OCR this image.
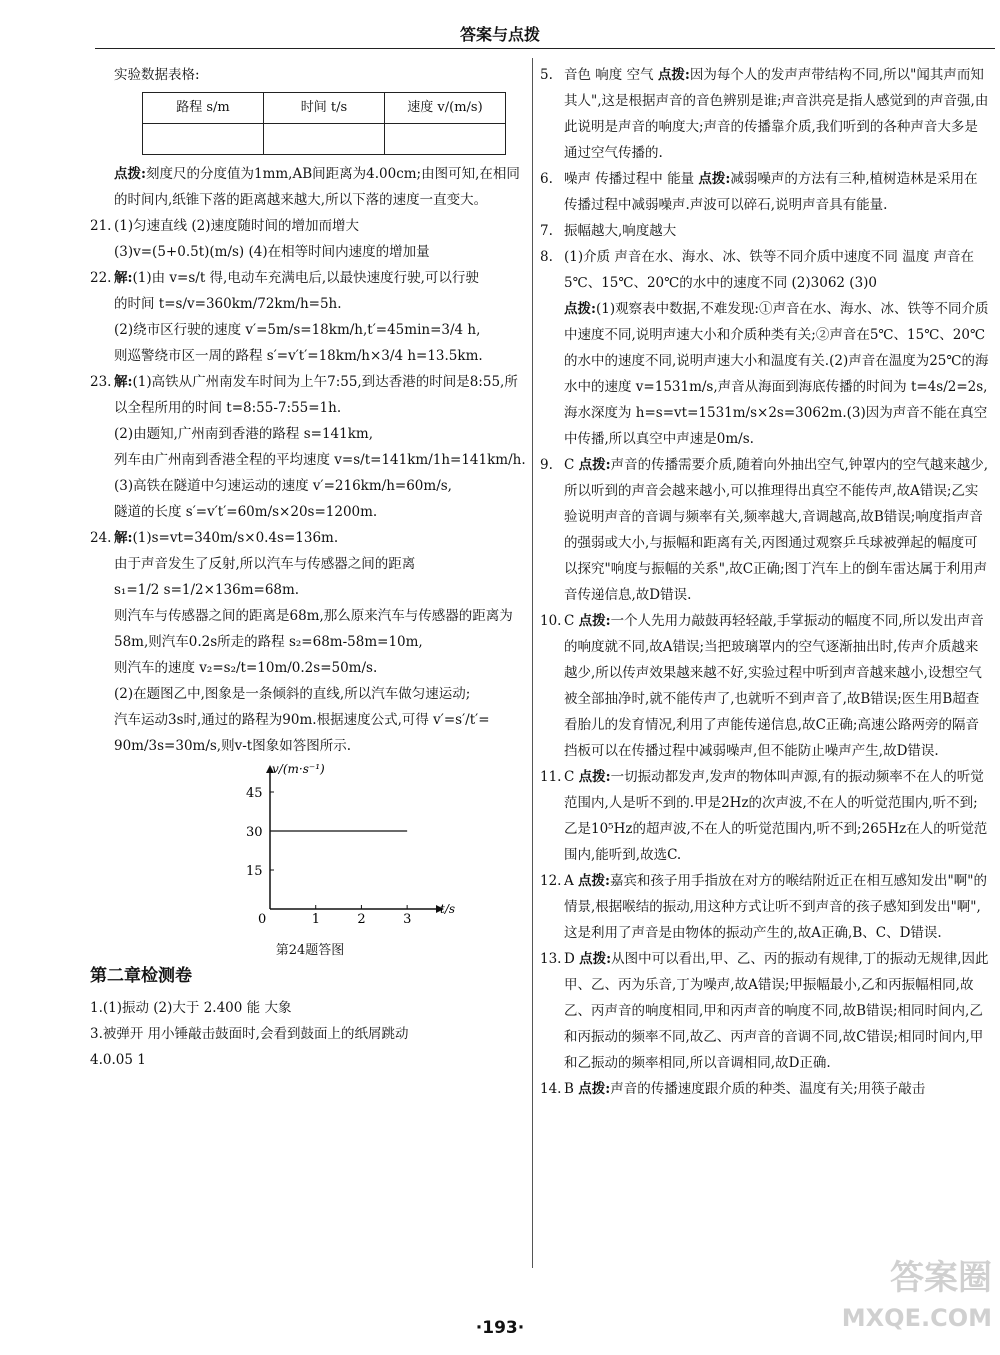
答案与点拨

实验数据表格:

路程 s/m	时间 t/s	速度 v/(m/s)

点拨:刻度尺的分度值为1mm,AB间距离为4.00cm;由图可知,在相同的时间内,纸锥下落的距离越来越大,所以下落的速度一直变大。

21. (1)匀速直线 (2)速度随时间的增加而增大

(3)v=(5+0.5t)(m/s) (4)在相等时间内速度的增加量

22. 解:(1)由 v=s/t 得,电动车充满电后,以最快速度行驶,可以行驶

的时间 t=s/v=360km/72km/h=5h.

(2)绕市区行驶的速度 v′=5m/s=18km/h,t′=45min=3/4 h,

则巡警绕市区一周的路程 s′=v′t′=18km/h×3/4 h=13.5km.

23. 解:(1)高铁从广州南发车时间为上午7:55,到达香港的时间是8:55,所以全程所用的时间 t=8:55-7:55=1h.

(2)由题知,广州南到香港的路程 s=141km,

列车由广州南到香港全程的平均速度 v=s/t=141km/1h=141km/h.

(3)高铁在隧道中匀速运动的速度 v′=216km/h=60m/s,

隧道的长度 s′=v′t′=60m/s×20s=1200m.

24. 解:(1)s=vt=340m/s×0.4s=136m.

由于声音发生了反射,所以汽车与传感器之间的距离

s₁=1/2 s=1/2×136m=68m.

则汽车与传感器之间的距离是68m,那么原来汽车与传感器的距离为58m,则汽车0.2s所走的路程 s₂=68m-58m=10m,

则汽车的速度 v₂=s₂/t=10m/0.2s=50m/s.

(2)在题图乙中,图象是一条倾斜的直线,所以汽车做匀速运动;

汽车运动3s时,通过的路程为90m.根据速度公式,可得 v′=s′/t′=

90m/3s=30m/s,则v-t图象如答图所示.

v/(m·s⁻¹)
t/s
0	1	2	3
15
30
45
第24题答图
第二章检测卷

1.(1)振动 (2)大于 2.400 能 大象

3.被弹开 用小锤敲击鼓面时,会看到鼓面上的纸屑跳动

4.0.05 1

5. 音色 响度 空气 点拨:因为每个人的发声声带结构不同,所以"闻其声而知其人",这是根据声音的音色辨别是谁;声音洪亮是指人感觉到的声音强,由此说明是声音的响度大;声音的传播靠介质,我们听到的各种声音大多是通过空气传播的.

6. 噪声 传播过程中 能量 点拨:减弱噪声的方法有三种,植树造林是采用在传播过程中减弱噪声.声波可以碎石,说明声音具有能量.

7. 振幅越大,响度越大

8. (1)介质 声音在水、海水、冰、铁等不同介质中速度不同 温度 声音在5℃、15℃、20℃的水中的速度不同 (2)3062 (3)0

点拨:(1)观察表中数据,不难发现:①声音在水、海水、冰、铁等不同介质中速度不同,说明声速大小和介质种类有关;②声音在5℃、15℃、20℃的水中的速度不同,说明声速大小和温度有关.(2)声音在温度为25℃的海水中的速度 v=1531m/s,声音从海面到海底传播的时间为 t=4s/2=2s,海水深度为 h=s=vt=1531m/s×2s=3062m.(3)因为声音不能在真空中传播,所以真空中声速是0m/s.

9. C 点拨:声音的传播需要介质,随着向外抽出空气,钟罩内的空气越来越少,所以听到的声音会越来越小,可以推理得出真空不能传声,故A错误;乙实验说明声音的音调与频率有关,频率越大,音调越高,故B错误;响度指声音的强弱或大小,与振幅和距离有关,丙图通过观察乒乓球被弹起的幅度可以探究"响度与振幅的关系",故C正确;图丁汽车上的倒车雷达属于利用声音传递信息,故D错误.

10. C 点拨:一个人先用力敲鼓再轻轻敲,手掌振动的幅度不同,所以发出声音的响度就不同,故A错误;当把玻璃罩内的空气逐渐抽出时,传声介质越来越少,所以传声效果越来越不好,实验过程中听到声音越来越小,设想空气被全部抽净时,就不能传声了,也就听不到声音了,故B错误;医生用B超查看胎儿的发育情况,利用了声能传递信息,故C正确;高速公路两旁的隔音挡板可以在传播过程中减弱噪声,但不能防止噪声产生,故D错误.

11. C 点拨:一切振动都发声,发声的物体叫声源,有的振动频率不在人的听觉范围内,人是听不到的.甲是2Hz的次声波,不在人的听觉范围内,听不到;乙是10⁵Hz的超声波,不在人的听觉范围内,听不到;265Hz在人的听觉范围内,能听到,故选C.

12. A 点拨:嘉宾和孩子用手指放在对方的喉结附近正在相互感知发出"啊"的情景,根据喉结的振动,用这种方式让听不到声音的孩子感知到发出"啊",这是利用了声音是由物体的振动产生的,故A正确,B、C、D错误.

13. D 点拨:从图中可以看出,甲、乙、丙的振动有规律,丁的振动无规律,因此甲、乙、丙为乐音,丁为噪声,故A错误;甲振幅最小,乙和丙振幅相同,故乙、丙声音的响度相同,甲和丙声音的响度不同,故B错误;相同时间内,乙和丙振动的频率不同,故乙、丙声音的音调不同,故C错误;相同时间内,甲和乙振动的频率相同,所以音调相同,故D正确.

14. B 点拨:声音的传播速度跟介质的种类、温度有关;用筷子敲击

·193·
答案圈
MXQE.COM
